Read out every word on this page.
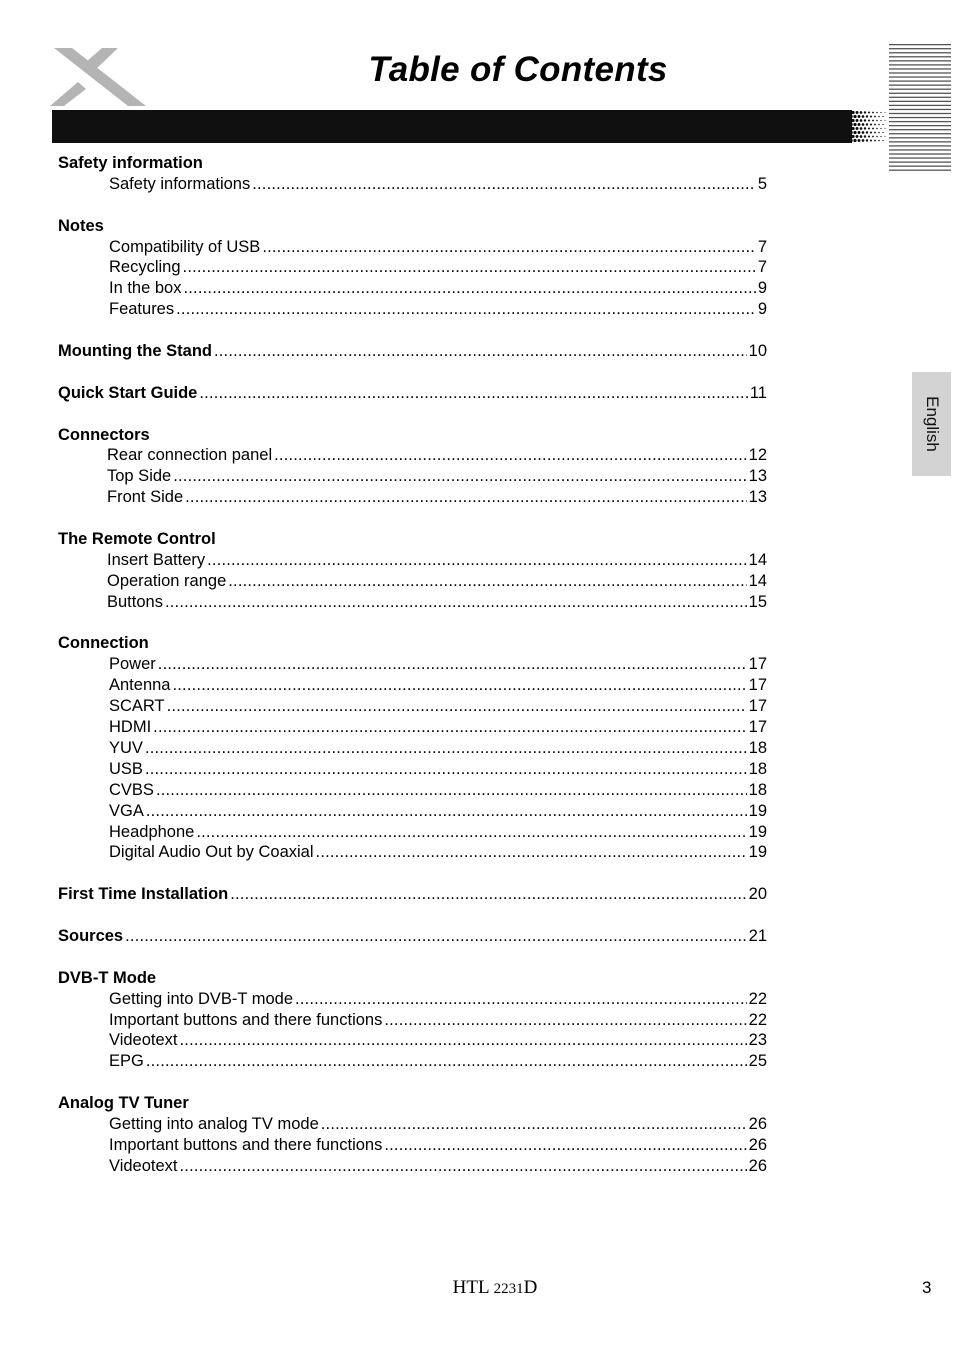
Table of Contents
English
Safety information
Safety informations .....	5
Notes
Compatibility of USB .....	7
Recycling .....	7
In the box .....	9
Features .....	9
Mounting the Stand .....	10
Quick Start Guide .....	11
Connectors
Rear connection panel .....	12
Top Side .....	13
Front Side .....	13
The Remote Control
Insert Battery .....	14
Operation range .....	14
Buttons .....	15
Connection
Power .....	17
Antenna .....	17
SCART .....	17
HDMI .....	17
YUV .....	18
USB .....	18
CVBS .....	18
VGA .....	19
Headphone .....	19
Digital Audio Out by Coaxial .....	19
First Time Installation .....	20
Sources .....	21
DVB-T Mode
Getting into DVB-T mode .....	22
Important buttons and there functions .....	22
Videotext .....	23
EPG .....	25
Analog TV Tuner
Getting into analog TV mode .....	26
Important buttons and there functions .....	26
Videotext .....	26
HTL 2231D	3
